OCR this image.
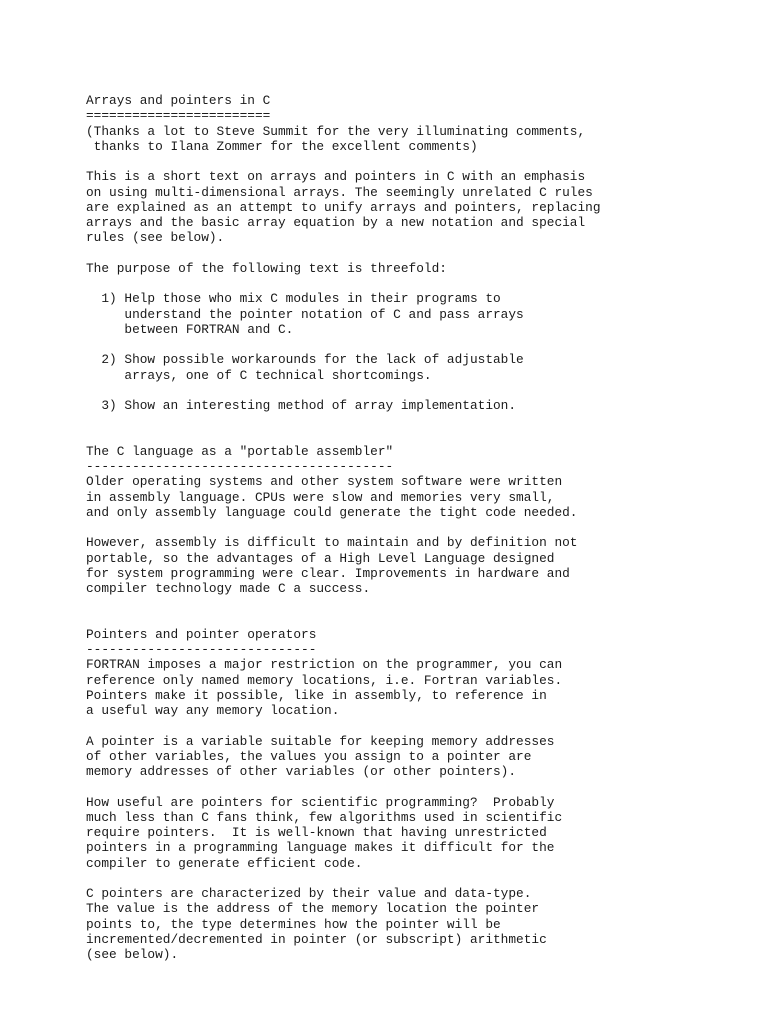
Arrays and pointers in C
========================
(Thanks a lot to Steve Summit for the very illuminating comments,
thanks to Ilana Zommer for the excellent comments)
This is a short text on arrays and pointers in C with an emphasis
on using multi-dimensional arrays. The seemingly unrelated C rules
are explained as an attempt to unify arrays and pointers, replacing
arrays and the basic array equation by a new notation and special
rules (see below).
The purpose of the following text is threefold:
1) Help those who mix C modules in their programs to
understand the pointer notation of C and pass arrays
between FORTRAN and C.
2) Show possible workarounds for the lack of adjustable
arrays, one of C technical shortcomings.
3) Show an interesting method of array implementation.
The C language as a "portable assembler"
----------------------------------------
Older operating systems and other system software were written
in assembly language. CPUs were slow and memories very small,
and only assembly language could generate the tight code needed.
However, assembly is difficult to maintain and by definition not
portable, so the advantages of a High Level Language designed
for system programming were clear. Improvements in hardware and
compiler technology made C a success.
Pointers and pointer operators
------------------------------
FORTRAN imposes a major restriction on the programmer, you can
reference only named memory locations, i.e. Fortran variables.
Pointers make it possible, like in assembly, to reference in
a useful way any memory location.
A pointer is a variable suitable for keeping memory addresses
of other variables, the values you assign to a pointer are
memory addresses of other variables (or other pointers).
How useful are pointers for scientific programming?  Probably
much less than C fans think, few algorithms used in scientific
require pointers.  It is well-known that having unrestricted
pointers in a programming language makes it difficult for the
compiler to generate efficient code.
C pointers are characterized by their value and data-type.
The value is the address of the memory location the pointer
points to, the type determines how the pointer will be
incremented/decremented in pointer (or subscript) arithmetic
(see below).
